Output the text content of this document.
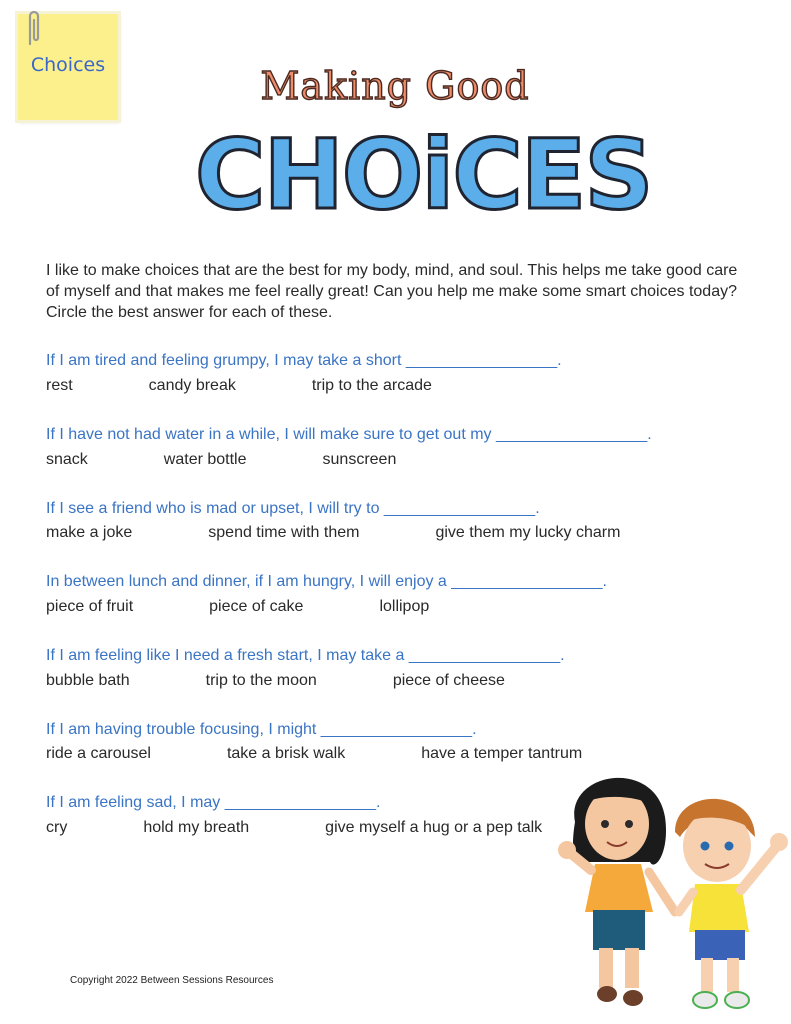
Choices	Making Good
CHOiCES
I like to make choices that are the best for my body, mind, and soul. This helps me take good care of myself and that makes me feel really great! Can you help me make some smart choices today? Circle the best answer for each of these.
If I am tired and feeling grumpy, I may take a short _________________.
rest	candy break	trip to the arcade
If I have not had water in a while, I will make sure to get out my _________________.
snack	water bottle	sunscreen
If I see a friend who is mad or upset, I will try to _________________.
make a joke	spend time with them	give them my lucky charm
In between lunch and dinner, if I am hungry, I will enjoy a _________________.
piece of fruit	piece of cake	lollipop
If I am feeling like I need a fresh start, I may take a _________________.
bubble bath	trip to the moon	piece of cheese
If I am having trouble focusing, I might _________________.
ride a carousel	take a brisk walk	have a temper tantrum
If I am feeling sad, I may _________________.
cry	hold my breath	give myself a hug or a pep talk
Copyright 2022 Between Sessions Resources
